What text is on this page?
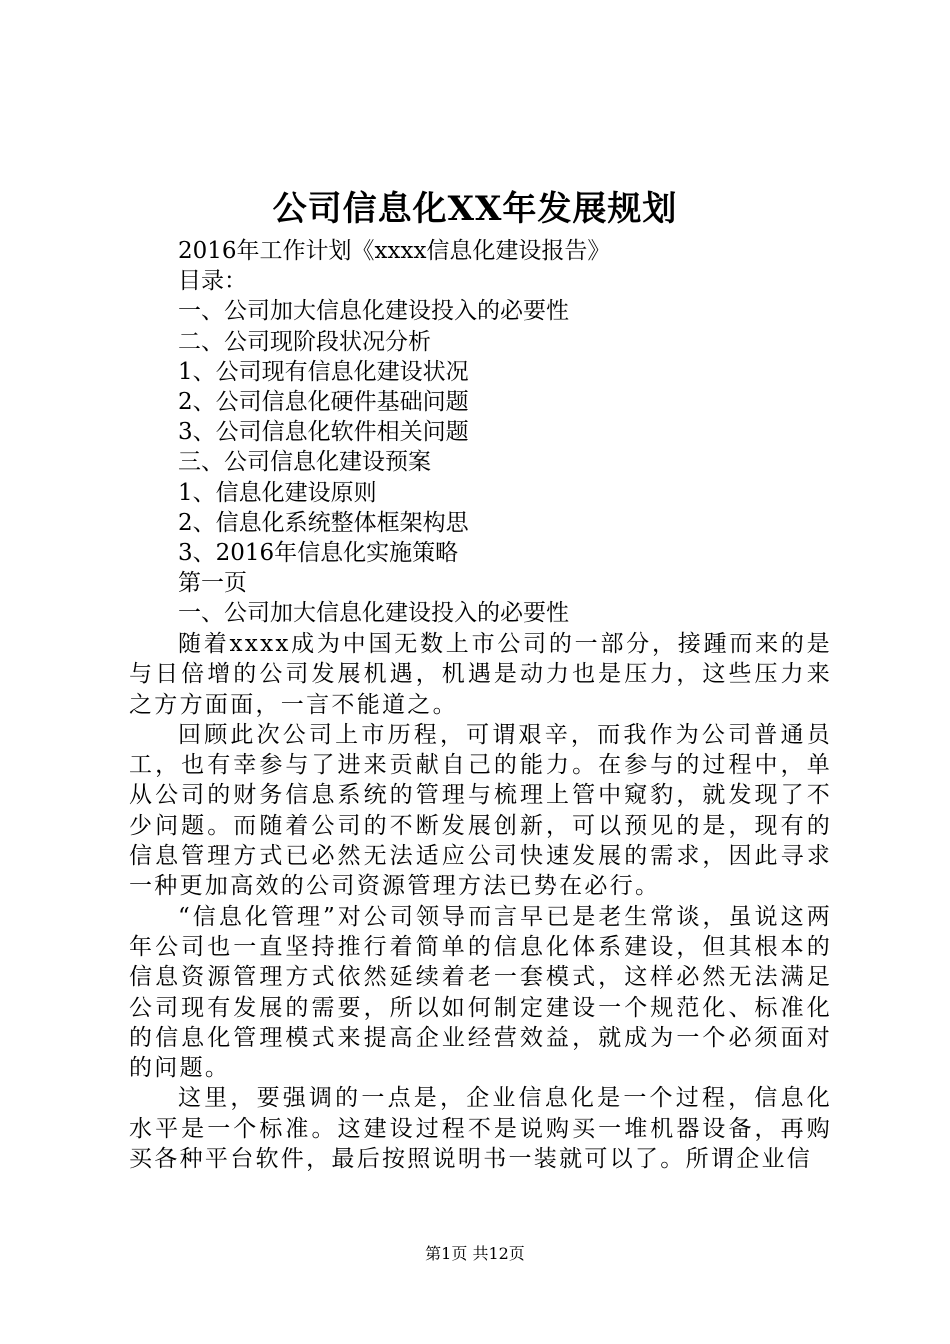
公司信息化XX年发展规划
2016年工作计划《xxxx信息化建设报告》
目录：
一、公司加大信息化建设投入的必要性
二、公司现阶段状况分析
1、公司现有信息化建设状况
2、公司信息化硬件基础问题
3、公司信息化软件相关问题
三、公司信息化建设预案
1、信息化建设原则
2、信息化系统整体框架构思
3、2016年信息化实施策略
第一页
一、公司加大信息化建设投入的必要性

随着xxxx成为中国无数上市公司的一部分，接踵而来的是与日倍增的公司发展机遇，机遇是动力也是压力，这些压力来之方方面面，一言不能道之。

回顾此次公司上市历程，可谓艰辛，而我作为公司普通员工，也有幸参与了进来贡献自己的能力。在参与的过程中，单从公司的财务信息系统的管理与梳理上管中窥豹，就发现了不少问题。而随着公司的不断发展创新，可以预见的是，现有的信息管理方式已必然无法适应公司快速发展的需求，因此寻求一种更加高效的公司资源管理方法已势在必行。

“信息化管理”对公司领导而言早已是老生常谈，虽说这两年公司也一直坚持推行着简单的信息化体系建设，但其根本的信息资源管理方式依然延续着老一套模式，这样必然无法满足公司现有发展的需要，所以如何制定建设一个规范化、标准化的信息化管理模式来提高企业经营效益，就成为一个必须面对的问题。

这里，要强调的一点是，企业信息化是一个过程，信息化水平是一个标准。这建设过程不是说购买一堆机器设备，再购买各种平台软件，最后按照说明书一装就可以了。所谓企业信

第1页 共12页
